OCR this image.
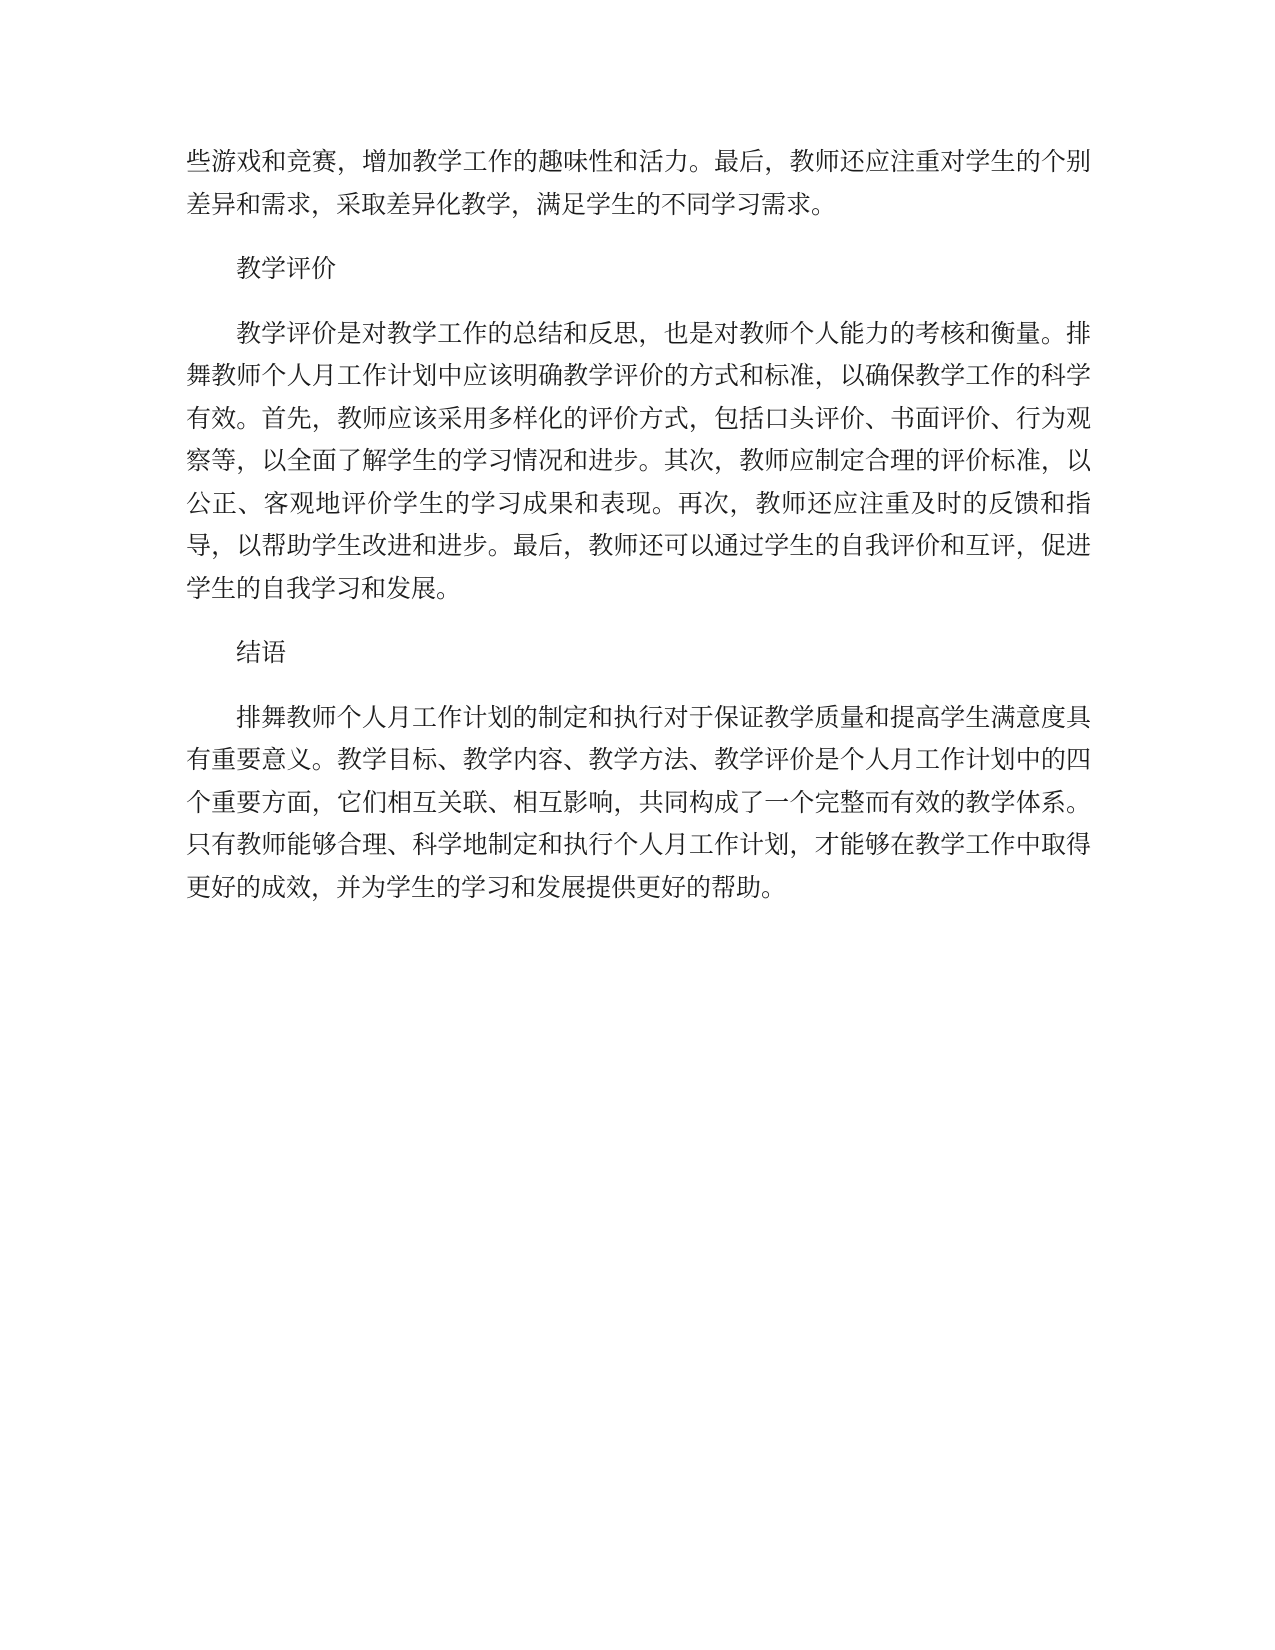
些游戏和竞赛，增加教学工作的趣味性和活力。最后，教师还应注重对学生的个别差异和需求，采取差异化教学，满足学生的不同学习需求。

教学评价

教学评价是对教学工作的总结和反思，也是对教师个人能力的考核和衡量。排舞教师个人月工作计划中应该明确教学评价的方式和标准，以确保教学工作的科学有效。首先，教师应该采用多样化的评价方式，包括口头评价、书面评价、行为观察等，以全面了解学生的学习情况和进步。其次，教师应制定合理的评价标准，以公正、客观地评价学生的学习成果和表现。再次，教师还应注重及时的反馈和指导，以帮助学生改进和进步。最后，教师还可以通过学生的自我评价和互评，促进学生的自我学习和发展。

结语

排舞教师个人月工作计划的制定和执行对于保证教学质量和提高学生满意度具有重要意义。教学目标、教学内容、教学方法、教学评价是个人月工作计划中的四个重要方面，它们相互关联、相互影响，共同构成了一个完整而有效的教学体系。只有教师能够合理、科学地制定和执行个人月工作计划，才能够在教学工作中取得更好的成效，并为学生的学习和发展提供更好的帮助。
